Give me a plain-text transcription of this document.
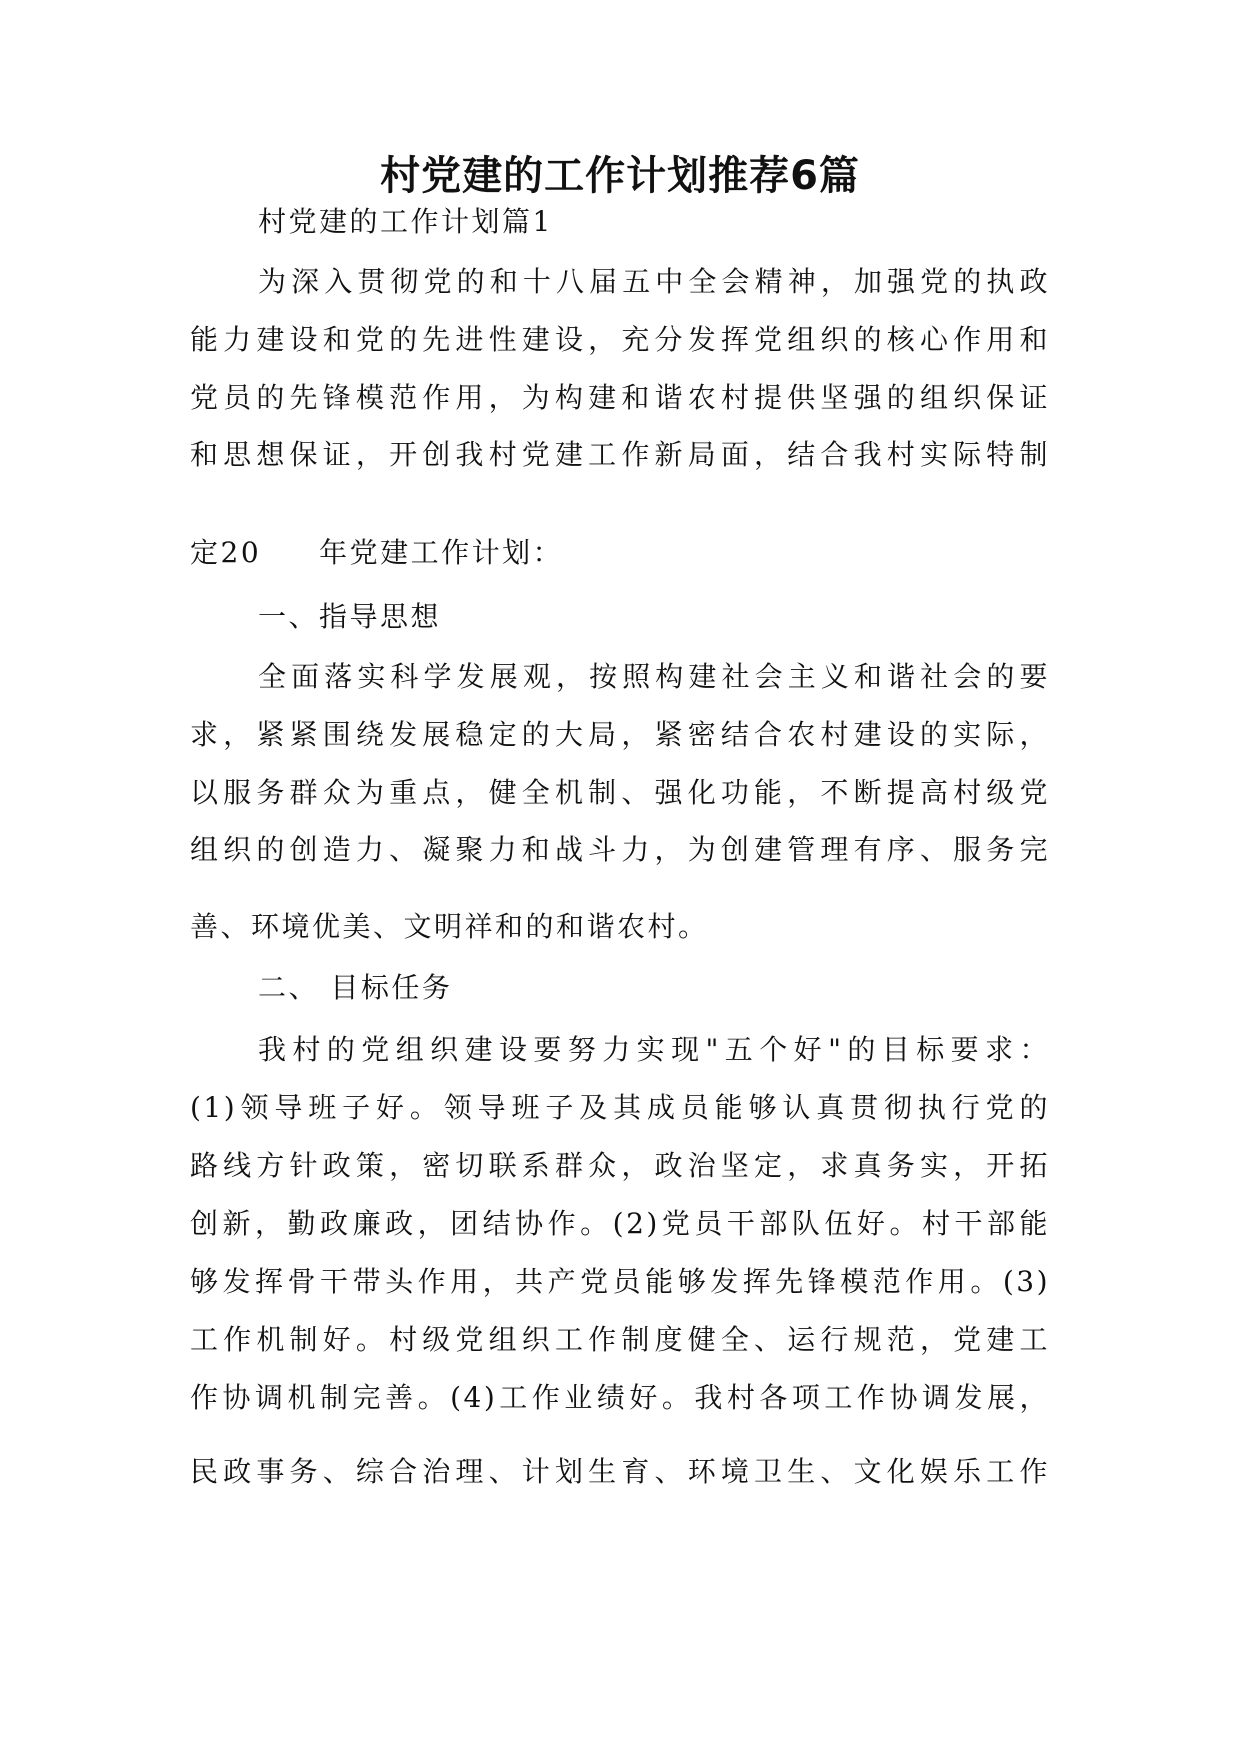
村党建的工作计划推荐6篇
村党建的工作计划篇1
为深入贯彻党的和十八届五中全会精神，加强党的执政
能力建设和党的先进性建设，充分发挥党组织的核心作用和
党员的先锋模范作用，为构建和谐农村提供坚强的组织保证
和思想保证，开创我村党建工作新局面，结合我村实际特制
定20 年党建工作计划：
一、指导思想
全面落实科学发展观，按照构建社会主义和谐社会的要
求，紧紧围绕发展稳定的大局，紧密结合农村建设的实际，
以服务群众为重点，健全机制、强化功能，不断提高村级党
组织的创造力、凝聚力和战斗力，为创建管理有序、服务完
善、环境优美、文明祥和的和谐农村。
二、 目标任务
我村的党组织建设要努力实现"五个好"的目标要求：
(1)领导班子好。领导班子及其成员能够认真贯彻执行党的
路线方针政策，密切联系群众，政治坚定，求真务实，开拓
创新，勤政廉政，团结协作。(2)党员干部队伍好。村干部能
够发挥骨干带头作用，共产党员能够发挥先锋模范作用。(3)
工作机制好。村级党组织工作制度健全、运行规范，党建工
作协调机制完善。(4)工作业绩好。我村各项工作协调发展，
民政事务、综合治理、计划生育、环境卫生、文化娱乐工作
